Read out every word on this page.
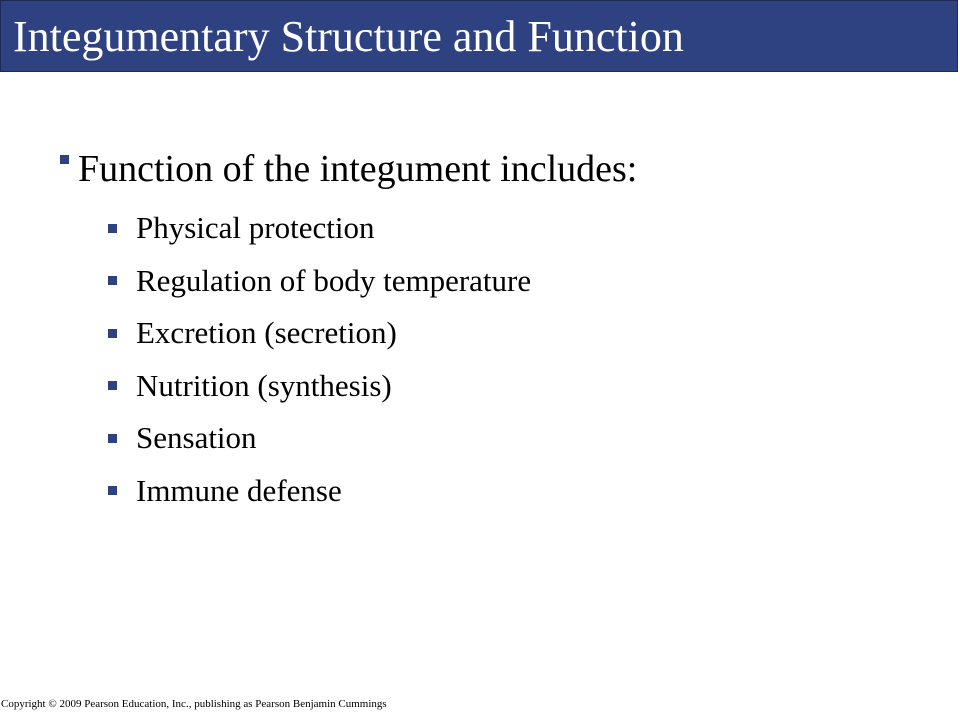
Integumentary Structure and Function
Function of the integument includes:
Physical protection
Regulation of body temperature
Excretion (secretion)
Nutrition (synthesis)
Sensation
Immune defense
Copyright © 2009 Pearson Education, Inc., publishing as Pearson Benjamin Cummings
